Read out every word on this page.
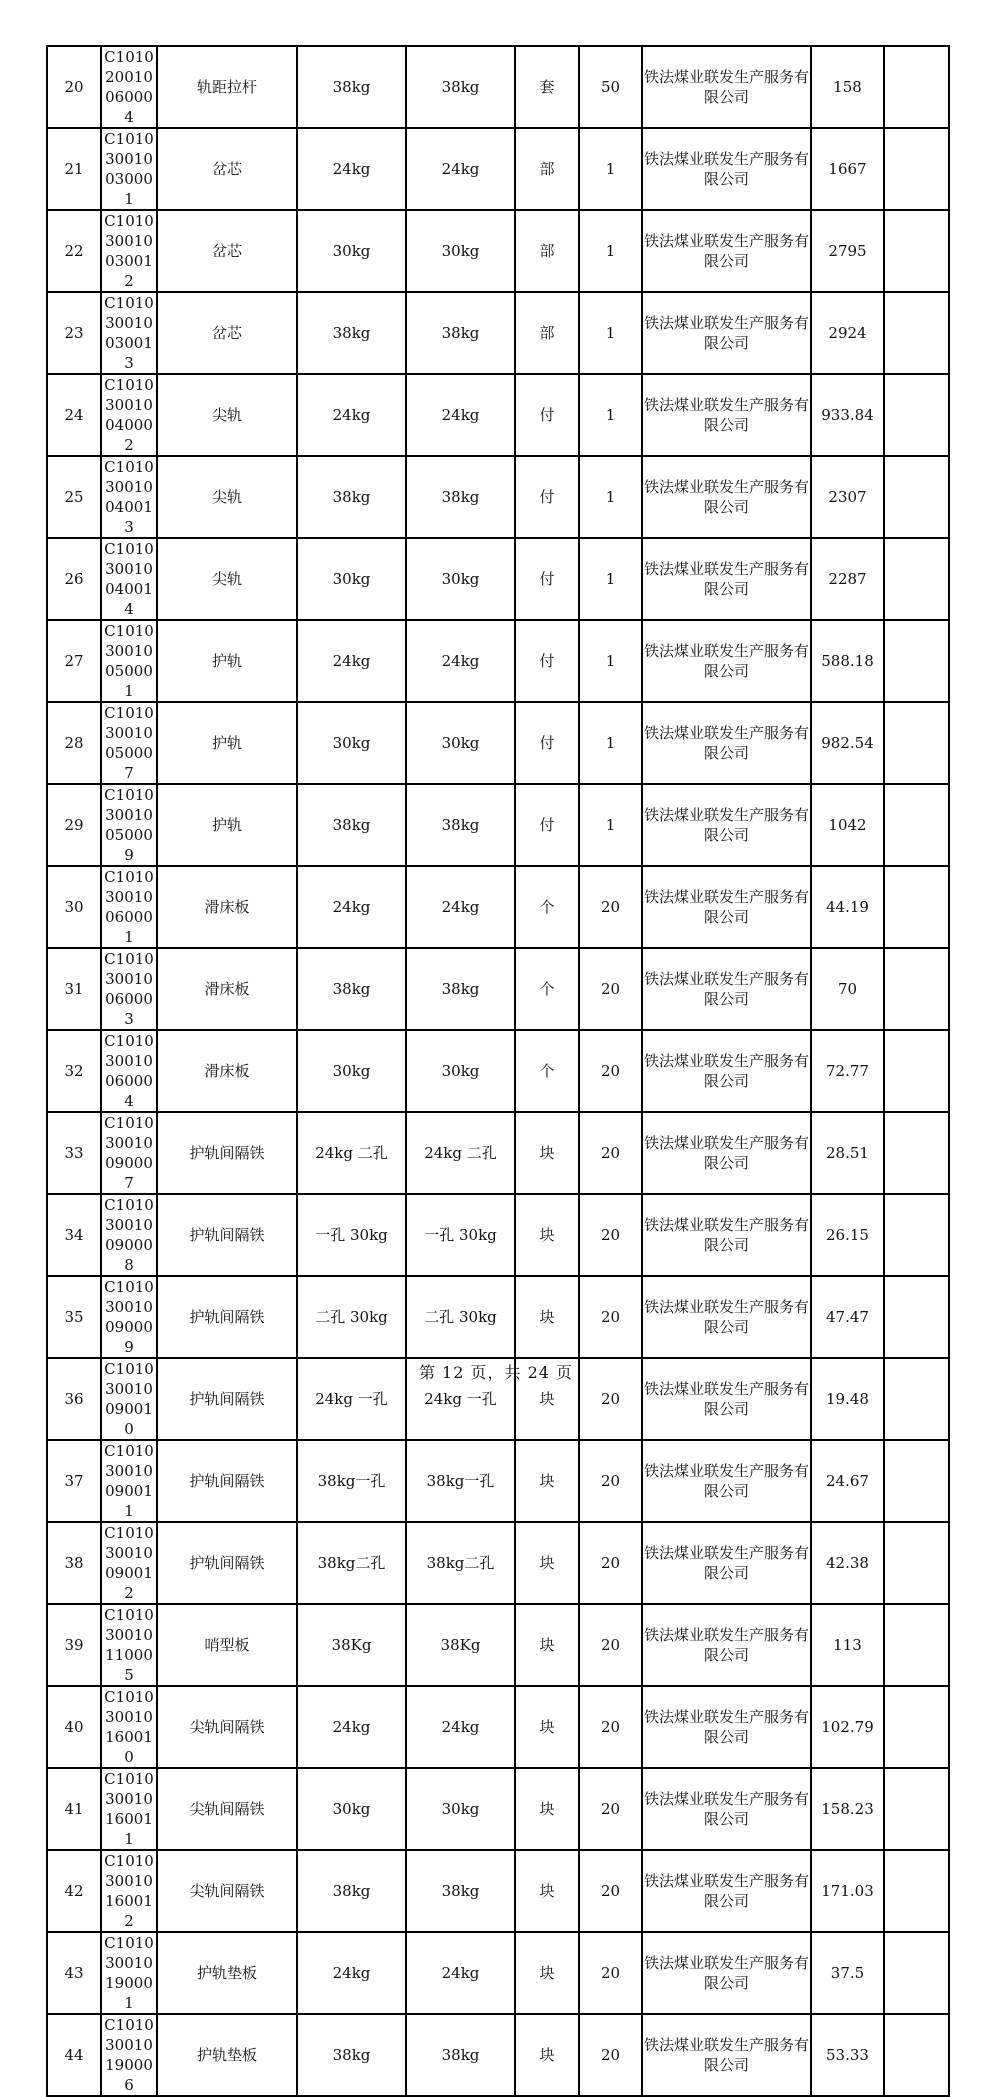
20	C101020010060004	轨距拉杆	38kg	38kg	套	50	铁法煤业联发生产服务有限公司	158	
21	C101030010030001	岔芯	24kg	24kg	部	1	铁法煤业联发生产服务有限公司	1667	
22	C101030010030012	岔芯	30kg	30kg	部	1	铁法煤业联发生产服务有限公司	2795	
23	C101030010030013	岔芯	38kg	38kg	部	1	铁法煤业联发生产服务有限公司	2924	
24	C101030010040002	尖轨	24kg	24kg	付	1	铁法煤业联发生产服务有限公司	933.84	
25	C101030010040013	尖轨	38kg	38kg	付	1	铁法煤业联发生产服务有限公司	2307	
26	C101030010040014	尖轨	30kg	30kg	付	1	铁法煤业联发生产服务有限公司	2287	
27	C101030010050001	护轨	24kg	24kg	付	1	铁法煤业联发生产服务有限公司	588.18	
28	C101030010050007	护轨	30kg	30kg	付	1	铁法煤业联发生产服务有限公司	982.54	
29	C101030010050009	护轨	38kg	38kg	付	1	铁法煤业联发生产服务有限公司	1042	
30	C101030010060001	滑床板	24kg	24kg	个	20	铁法煤业联发生产服务有限公司	44.19	
31	C101030010060003	滑床板	38kg	38kg	个	20	铁法煤业联发生产服务有限公司	70	
32	C101030010060004	滑床板	30kg	30kg	个	20	铁法煤业联发生产服务有限公司	72.77	
33	C101030010090007	护轨间隔铁	24kg 二孔	24kg 二孔	块	20	铁法煤业联发生产服务有限公司	28.51	
34	C101030010090008	护轨间隔铁	一孔 30kg	一孔 30kg	块	20	铁法煤业联发生产服务有限公司	26.15	
35	C101030010090009	护轨间隔铁	二孔 30kg	二孔 30kg	块	20	铁法煤业联发生产服务有限公司	47.47	
36	C101030010090010	护轨间隔铁	24kg 一孔	24kg 一孔	块	20	铁法煤业联发生产服务有限公司	19.48	
37	C101030010090011	护轨间隔铁	38kg一孔	38kg一孔	块	20	铁法煤业联发生产服务有限公司	24.67	
38	C101030010090012	护轨间隔铁	38kg二孔	38kg二孔	块	20	铁法煤业联发生产服务有限公司	42.38	
39	C101030010110005	哨型板	38Kg	38Kg	块	20	铁法煤业联发生产服务有限公司	113	
40	C101030010160010	尖轨间隔铁	24kg	24kg	块	20	铁法煤业联发生产服务有限公司	102.79	
41	C101030010160011	尖轨间隔铁	30kg	30kg	块	20	铁法煤业联发生产服务有限公司	158.23	
42	C101030010160012	尖轨间隔铁	38kg	38kg	块	20	铁法煤业联发生产服务有限公司	171.03	
43	C101030010190001	护轨垫板	24kg	24kg	块	20	铁法煤业联发生产服务有限公司	37.5	
44	C101030010190006	护轨垫板	38kg	38kg	块	20	铁法煤业联发生产服务有限公司	53.33	
第 12 页，共 24 页
